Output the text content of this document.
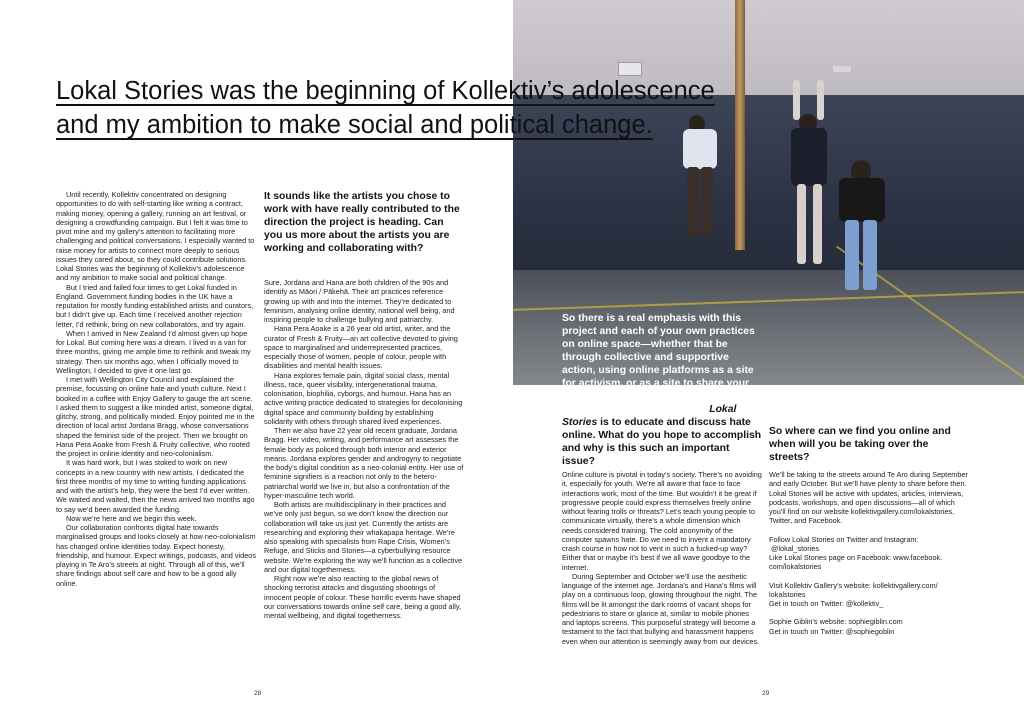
Lokal Stories was the beginning of Kollektiv’s adolescence
and my ambition to make social and political change.

Until recently, Kollektiv concentrated on designing opportunities to do with self-starting like writing a contract, making money, opening a gallery, running an art festival, or designing a crowdfunding campaign. But I felt it was time to pivot mine and my gallery’s attention to facilitating more challenging and political conversations. I especially wanted to raise money for artists to connect more deeply to serious issues they cared about, so they could contribute solutions. Lokal Stories was the beginning of Kollektiv’s adolescence and my ambition to make social and political change.

But I tried and failed four times to get Lokal funded in England. Government funding bodies in the UK have a reputation for mostly funding established artists and curators, but I didn’t give up. Each time I received another rejection letter, I’d rethink, bring on new collaborators, and try again.

When I arrived in New Zealand I’d almost given up hope for Lokal. But coming here was a dream. I lived in a van for three months, giving me ample time to rethink and tweak my strategy. Then six months ago, when I officially moved to Wellington, I decided to give it one last go.

I met with Wellington City Council and explained the premise, focussing on online hate and youth culture. Next I booked in a coffee with Enjoy Gallery to gauge the art scene. I asked them to suggest a like minded artist, someone digital, glitchy, strong, and politically minded. Enjoy pointed me in the direction of local artist Jordana Bragg, whose conversations shaped the feminist side of the project. Then we brought on Hana Pera Aoake from Fresh & Fruity collective, who rooted the project in online identity and neo-colonialism.

It was hard work, but I was stoked to work on new concepts in a new country with new artists. I dedicated the first three months of my time to writing funding applications and with the artist’s help, they were the best I’d ever written. We waited and waited, then the news arrived two months ago to say we’d been awarded the funding.

Now we’re here and we begin this week.

Our collaboration confronts digital hate towards marginalised groups and looks closely at how neo-colonialism has changed online identities today. Expect honesty, friendship, and humour. Expect writings, podcasts, and videos playing in Te Aro’s streets at night. Through all of this, we’ll share findings about self care and how to be a good ally online.

28
It sounds like the artists you chose to work with have really contributed to the direction the project is heading. Can you us more about the artists you are working and collaborating with?

Sure, Jordana and Hana are both children of the 90s and identify as Māori / Pākehā. Their art practices reference growing up with and into the internet. They’re dedicated to feminism, analysing online identity, national well being, and inspiring people to challenge bullying and patriarchy.

Hana Pera Aoake is a 26 year old artist, writer, and the curator of Fresh & Fruity—an art collective devoted to giving space to marginalised and underrepresented practices, especially those of women, people of colour, people with disabilities and mental health issues.

Hana explores female pain, digital social class, mental illness, race, queer visibility, intergenerational trauma, colonisation, biophilia, cyborgs, and humour. Hana has an active writing practice dedicated to strategies for decolonising digital space and community building by establishing solidarity with others through shared lived experiences.

Then we also have 22 year old recent graduate, Jordana Bragg. Her video, writing, and performance art assesses the female body as policed through both interior and exterior means. Jordana explores gender and androgyny to negotiate the body’s digital condition as a neo-colonial entity. Her use of feminine signifiers is a reaction not only to the hetero-patriarchal world we live in, but also a confrontation of the hyper-masculine tech world.

Both artists are multidisciplinary in their practices and we’ve only just begun, so we don’t know the direction our collaboration will take us just yet. Currently the artists are researching and exploring their whakapapa heritage. We’re also speaking with specialists from Rape Crisis, Women’s Refuge, and Sticks and Stones—a cyberbullying resource website. We’re exploring the way we’ll function as a collective and our digital togetherness.

Right now we’re also reacting to the global news of shocking terrorist attacks and disgusting shootings of innocent people of colour. These horrific events have shaped our conversations towards online self care, being a good ally, mental wellbeing, and digital togetherness.

So there is a real emphasis with this project and each of your own practices on online space—whether that be through collective and supportive action, using online platforms as a site for activism, or as a site to share your work and the work of others. You’ve mentioned one of the aims of Lokal Stories is to educate and discuss hate online. What do you hope to accomplish and why is this such an important issue?

Online culture is pivotal in today’s society. There’s no avoiding it, especially for youth. We’re all aware that face to face interactions work, most of the time. But wouldn’t it be great if progressive people could express themselves freely online without fearing trolls or threats? Let’s teach young people to communicate virtually, there’s a whole dimension which needs considered training. The cold anonymity of the computer spawns hate. Do we need to invent a mandatory crash course in how not to vent in such a fucked-up way? Either that or maybe it’s best if we all wave goodbye to the internet.

During September and October we’ll use the aesthetic language of the internet age. Jordana’s and Hana’s films will play on a continuous loop, glowing throughout the night. The films will be lit amongst the dark rooms of vacant shops for pedestrians to stare or glance at, similar to mobile phones and laptops screens. This purposeful strategy will become a testament to the fact that bullying and harassment happens even when our attention is seemingly away from our devices.

So where can we find you online and when will you be taking over the streets?

We’ll be taking to the streets around Te Aro during September and early October. But we’ll have plenty to share before then. Lokal Stories will be active with updates, articles, interviews, podcasts, workshops, and open discussions—all of which you’ll find on our website kollektivgallery.com/lokalstories, Twitter, and Facebook.

Follow Lokal Stories on Twitter and Instagram:
@lokal_stories
Like Lokal Stories page on Facebook: www.facebook.
com/lokalstories
Visit Kollektiv Gallery’s website: kollektivgallery.com/
lokalstories
Get in touch on Twitter: @kollektiv_
Sophie Giblin’s website: sophiegiblin.com
Get in touch on Twitter: @sophiegoblin
29
